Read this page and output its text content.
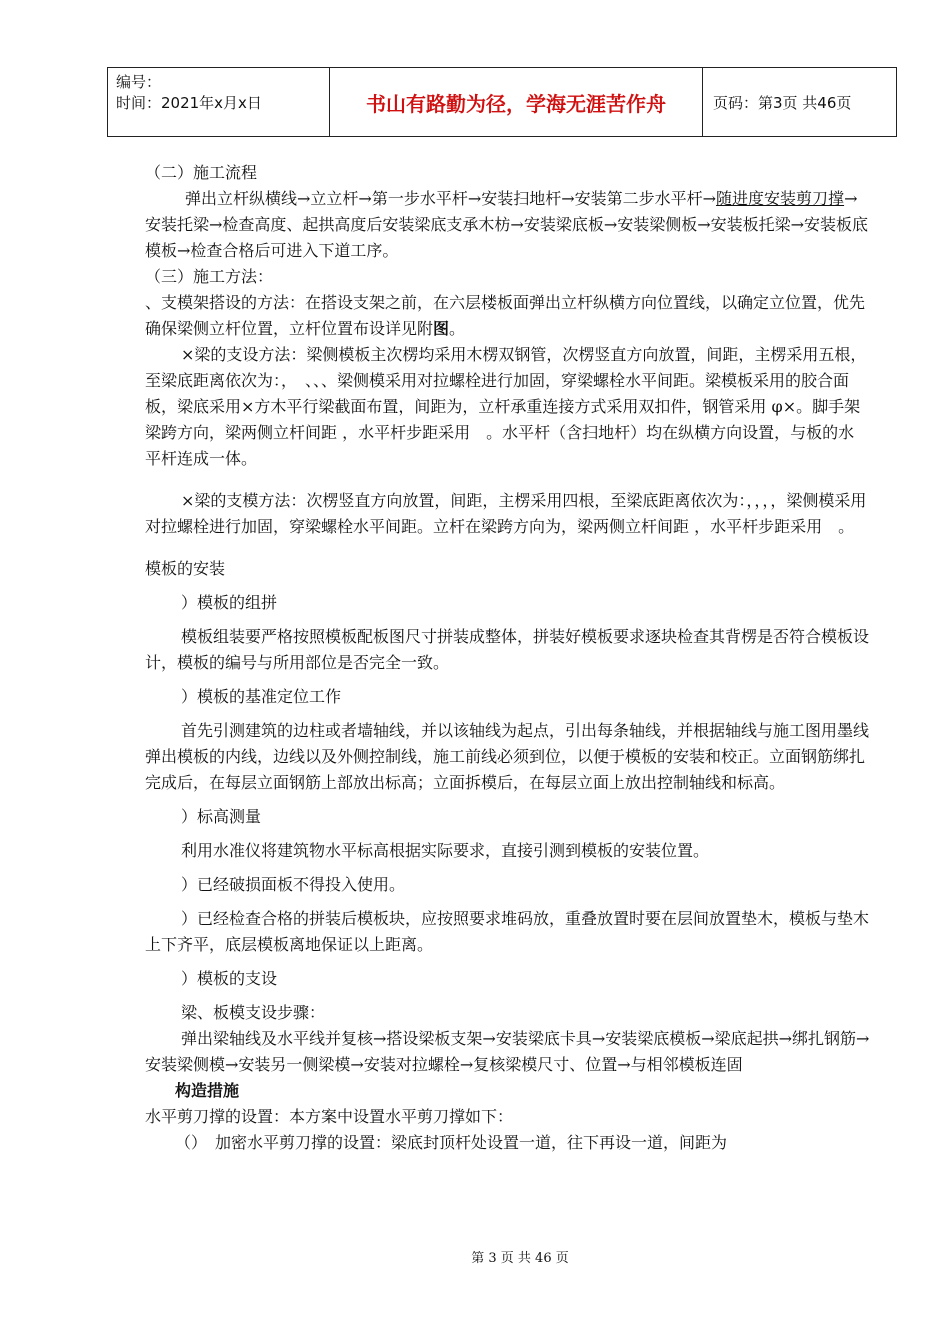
编号：
时间：2021年x月x日	书山有路勤为径，学海无涯苦作舟	页码：第3页 共46页

（二）施工流程

弹出立杆纵横线→立立杆→第一步水平杆→安装扫地杆→安装第二步水平杆→随进度安装剪刀撑→安装托梁→检查高度、起拱高度后安装梁底支承木枋→安装梁底板→安装梁侧板→安装板托梁→安装板底模板→检查合格后可进入下道工序。

（三）施工方法：

、支模架搭设的方法：在搭设支架之前，在六层楼板面弹出立杆纵横方向位置线，以确定立位置，优先确保梁侧立杆位置，立杆位置布设详见附图。

×梁的支设方法：梁侧模板主次楞均采用木楞双钢管，次楞竖直方向放置，间距，主楞采用五根，至梁底距离依次为：，　、、、梁侧模采用对拉螺栓进行加固，穿梁螺栓水平间距。梁模板采用的胶合面板，梁底采用×方木平行梁截面布置，间距为，立杆承重连接方式采用双扣件，钢管采用 φ×。脚手架梁跨方向，梁两侧立杆间距 ，水平杆步距采用　。水平杆（含扫地杆）均在纵横方向设置，与板的水平杆连成一体。

×梁的支模方法：次楞竖直方向放置，间距，主楞采用四根，至梁底距离依次为：，，，，梁侧模采用对拉螺栓进行加固，穿梁螺栓水平间距。立杆在梁跨方向为，梁两侧立杆间距 ，水平杆步距采用　。

模板的安装

）模板的组拼

模板组装要严格按照模板配板图尺寸拼装成整体，拼装好模板要求逐块检查其背楞是否符合模板设计，模板的编号与所用部位是否完全一致。

）模板的基准定位工作

首先引测建筑的边柱或者墙轴线，并以该轴线为起点，引出每条轴线，并根据轴线与施工图用墨线弹出模板的内线，边线以及外侧控制线，施工前线必须到位，以便于模板的安装和校正。立面钢筋绑扎完成后，在每层立面钢筋上部放出标高；立面拆模后，在每层立面上放出控制轴线和标高。

）标高测量

利用水准仪将建筑物水平标高根据实际要求，直接引测到模板的安装位置。

）已经破损面板不得投入使用。

）已经检查合格的拼装后模板块，应按照要求堆码放，重叠放置时要在层间放置垫木，模板与垫木上下齐平，底层模板离地保证以上距离。

）模板的支设

梁、板模支设步骤：

弹出梁轴线及水平线并复核→搭设梁板支架→安装梁底卡具→安装梁底模板→梁底起拱→绑扎钢筋→安装梁侧模→安装另一侧梁模→安装对拉螺栓→复核梁模尺寸、位置→与相邻模板连固

构造措施

水平剪刀撑的设置：本方案中设置水平剪刀撑如下：

（）　加密水平剪刀撑的设置：梁底封顶杆处设置一道，往下再设一道，间距为

第 3 页 共 46 页
